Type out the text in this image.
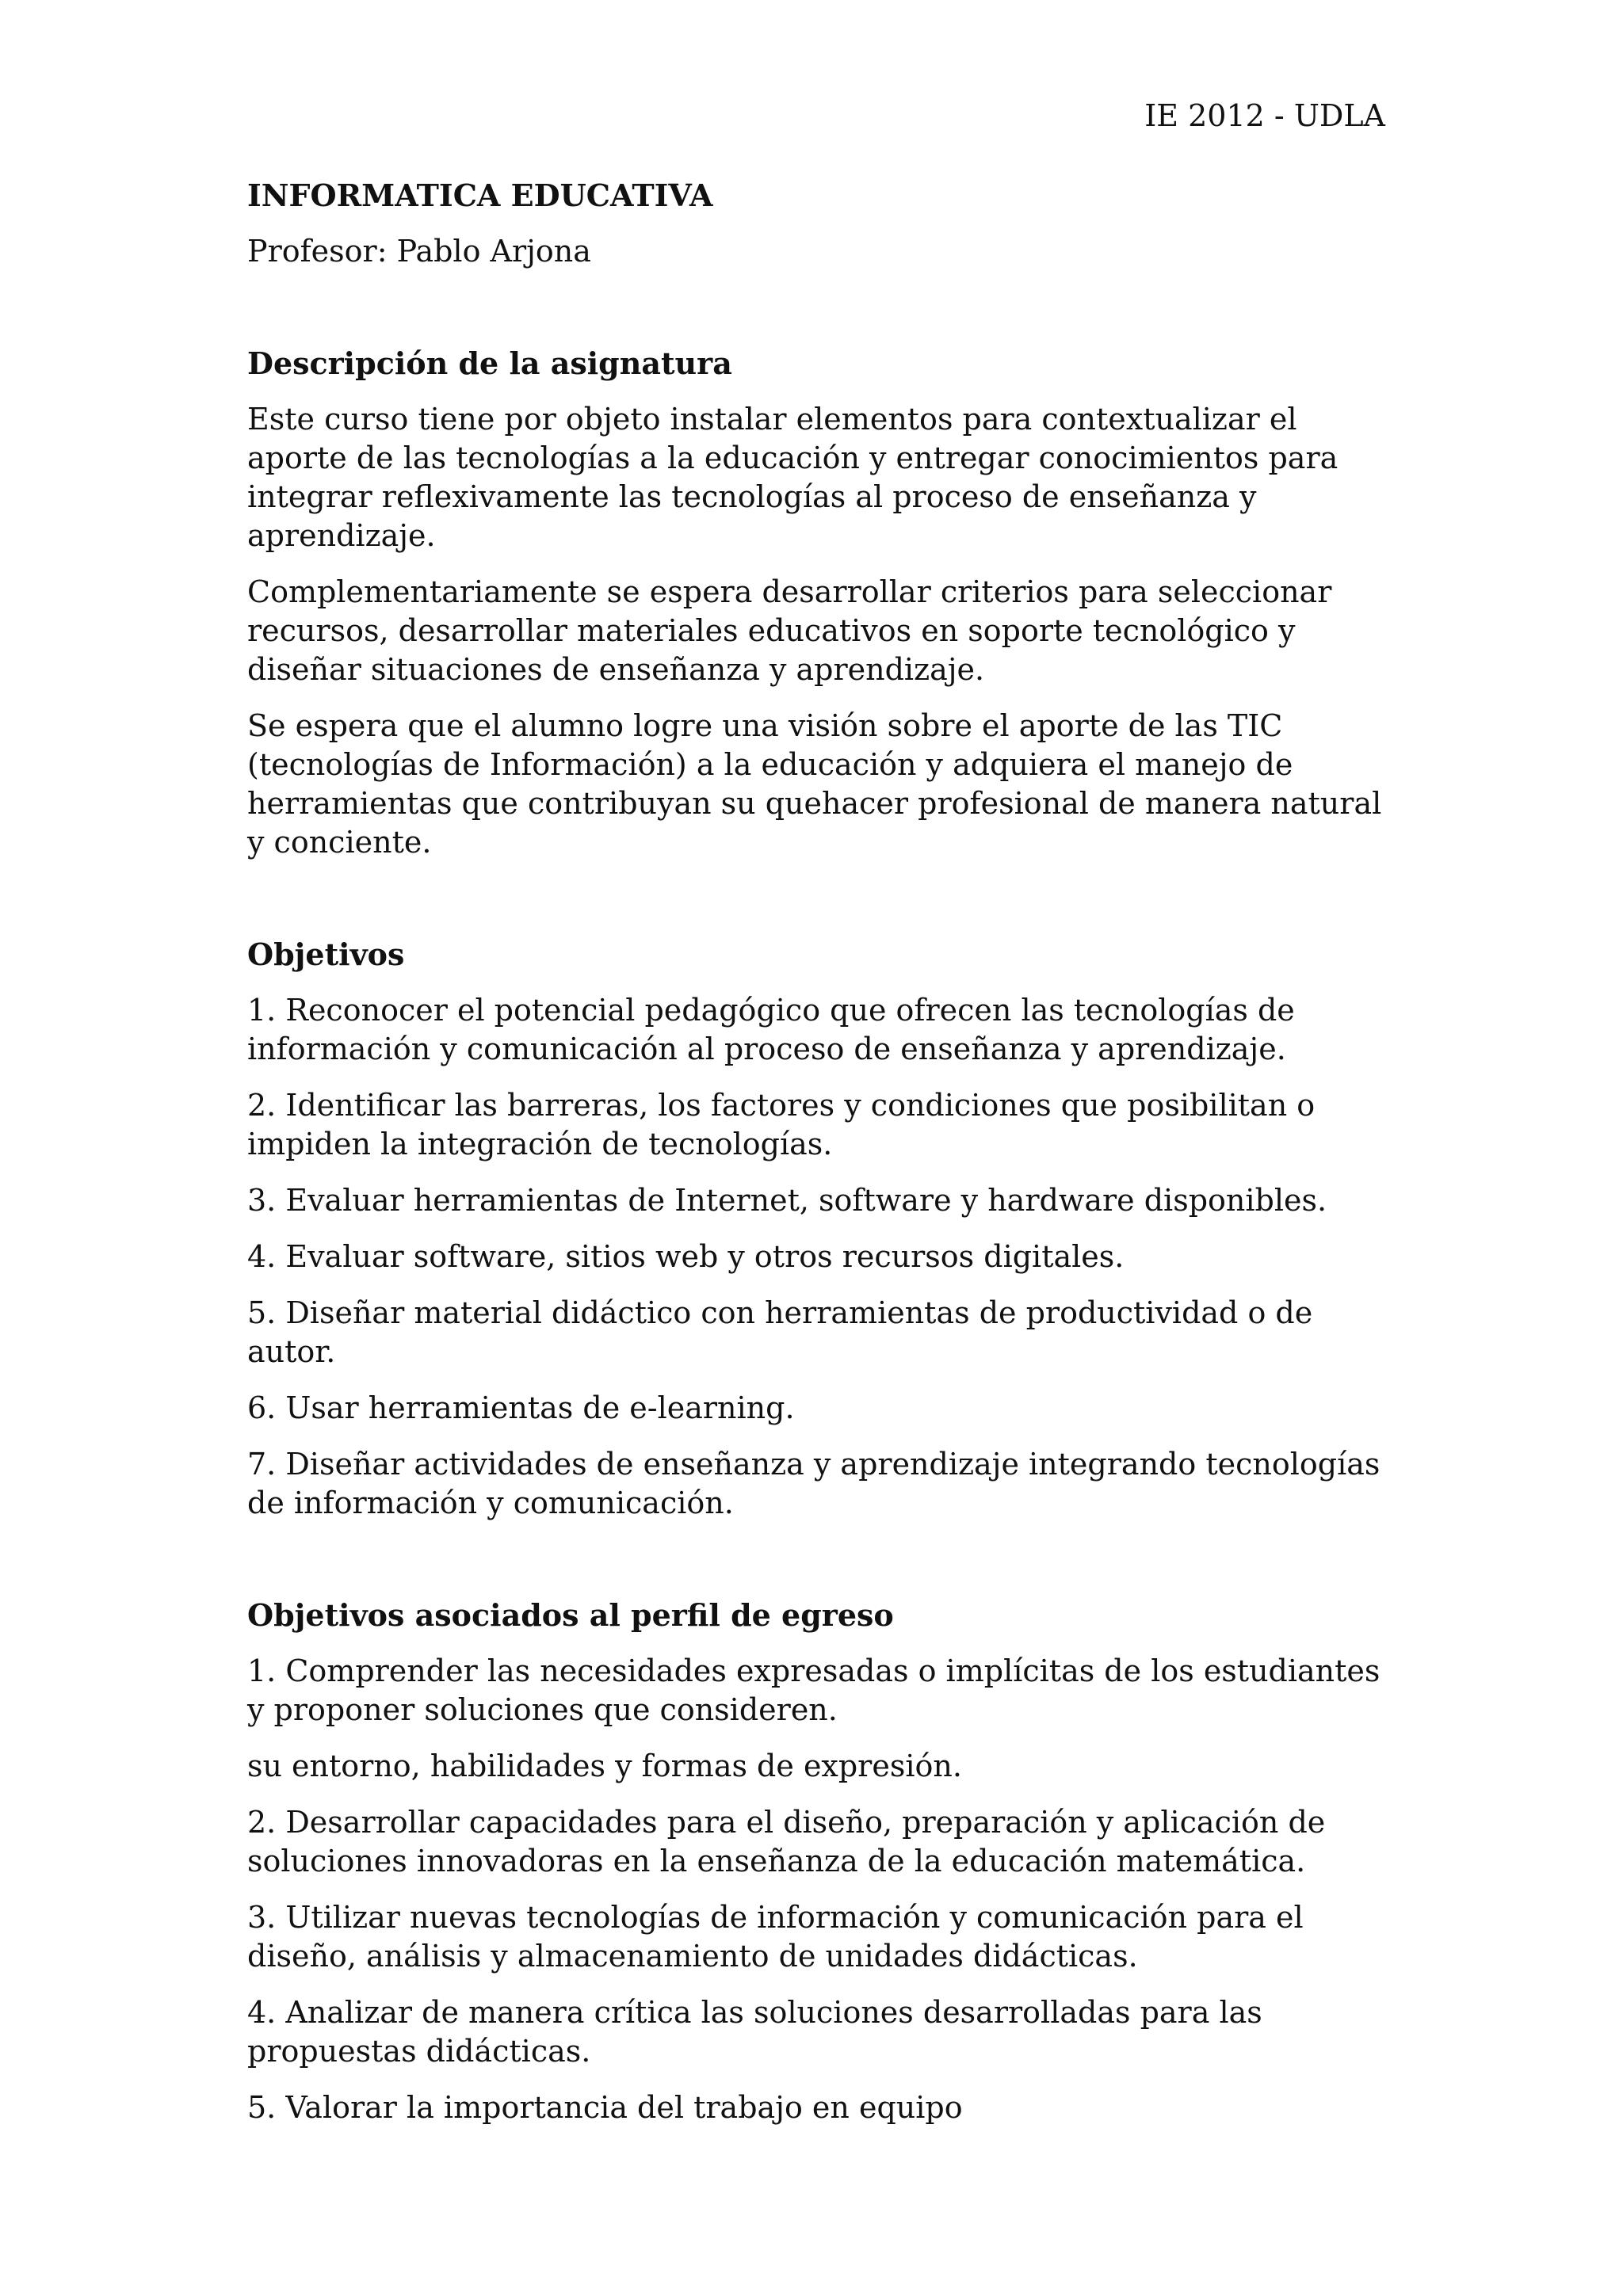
IE 2012 - UDLA
INFORMATICA EDUCATIVA
Profesor: Pablo Arjona
Descripción de la asignatura

Este curso tiene por objeto instalar elementos para contextualizar el aporte de las tecnologías a la educación y entregar conocimientos para integrar reflexivamente las tecnologías al proceso de enseñanza y aprendizaje.

Complementariamente se espera desarrollar criterios para seleccionar recursos, desarrollar materiales educativos en soporte tecnológico y diseñar situaciones de enseñanza y aprendizaje.

Se espera que el alumno logre una visión sobre el aporte de las TIC (tecnologías de Información) a la educación y adquiera el manejo de herramientas que contribuyan su quehacer profesional de manera natural y conciente.

Objetivos

1. Reconocer el potencial pedagógico que ofrecen las tecnologías de información y comunicación al proceso de enseñanza y aprendizaje.

2. Identificar las barreras, los factores y condiciones que posibilitan o impiden la integración de tecnologías.

3. Evaluar herramientas de Internet, software y hardware disponibles.

4. Evaluar software, sitios web y otros recursos digitales.

5. Diseñar material didáctico con herramientas de productividad o de autor.

6. Usar herramientas de e-learning.

7. Diseñar actividades de enseñanza y aprendizaje integrando tecnologías de información y comunicación.

Objetivos asociados al perfil de egreso

1. Comprender las necesidades expresadas o implícitas de los estudiantes y proponer soluciones que consideren.

su entorno, habilidades y formas de expresión.

2. Desarrollar capacidades para el diseño, preparación y aplicación de soluciones innovadoras en la enseñanza de la educación matemática.

3. Utilizar nuevas tecnologías de información y comunicación para el diseño, análisis y almacenamiento de unidades didácticas.

4. Analizar de manera crítica las soluciones desarrolladas para las propuestas didácticas.

5. Valorar la importancia del trabajo en equipo
